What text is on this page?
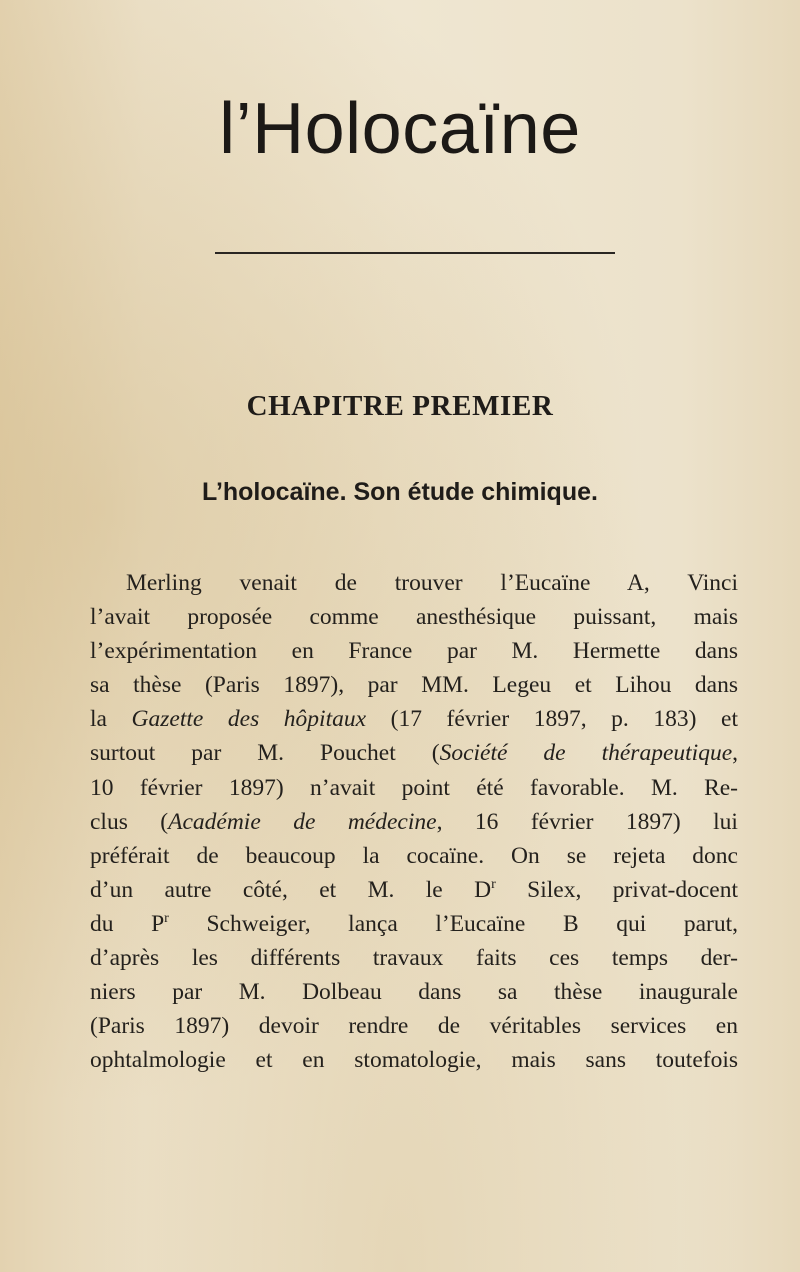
l’Holocaïne
CHAPITRE PREMIER
L’holocaïne. Son étude chimique.
Merling venait de trouver l’Eucaïne A, Vinci
l’avait proposée comme anesthésique puissant, mais
l’expérimentation en France par M. Hermette dans
sa thèse (Paris 1897), par MM. Legeu et Lihou dans
la Gazette des hôpitaux (17 février 1897, p. 183) et
surtout par M. Pouchet (Société de thérapeutique,
10 février 1897) n’avait point été favorable. M. Re-
clus (Académie de médecine, 16 février 1897) lui
préférait de beaucoup la cocaïne. On se rejeta donc
d’un autre côté, et M. le $D^r$ Silex, privat-docent
du $P^r$ Schweiger, lança l’Eucaïne B qui parut,
d’après les différents travaux faits ces temps der-
niers par M. Dolbeau dans sa thèse inaugurale
(Paris 1897) devoir rendre de véritables services en
ophtalmologie et en stomatologie, mais sans toutefois
